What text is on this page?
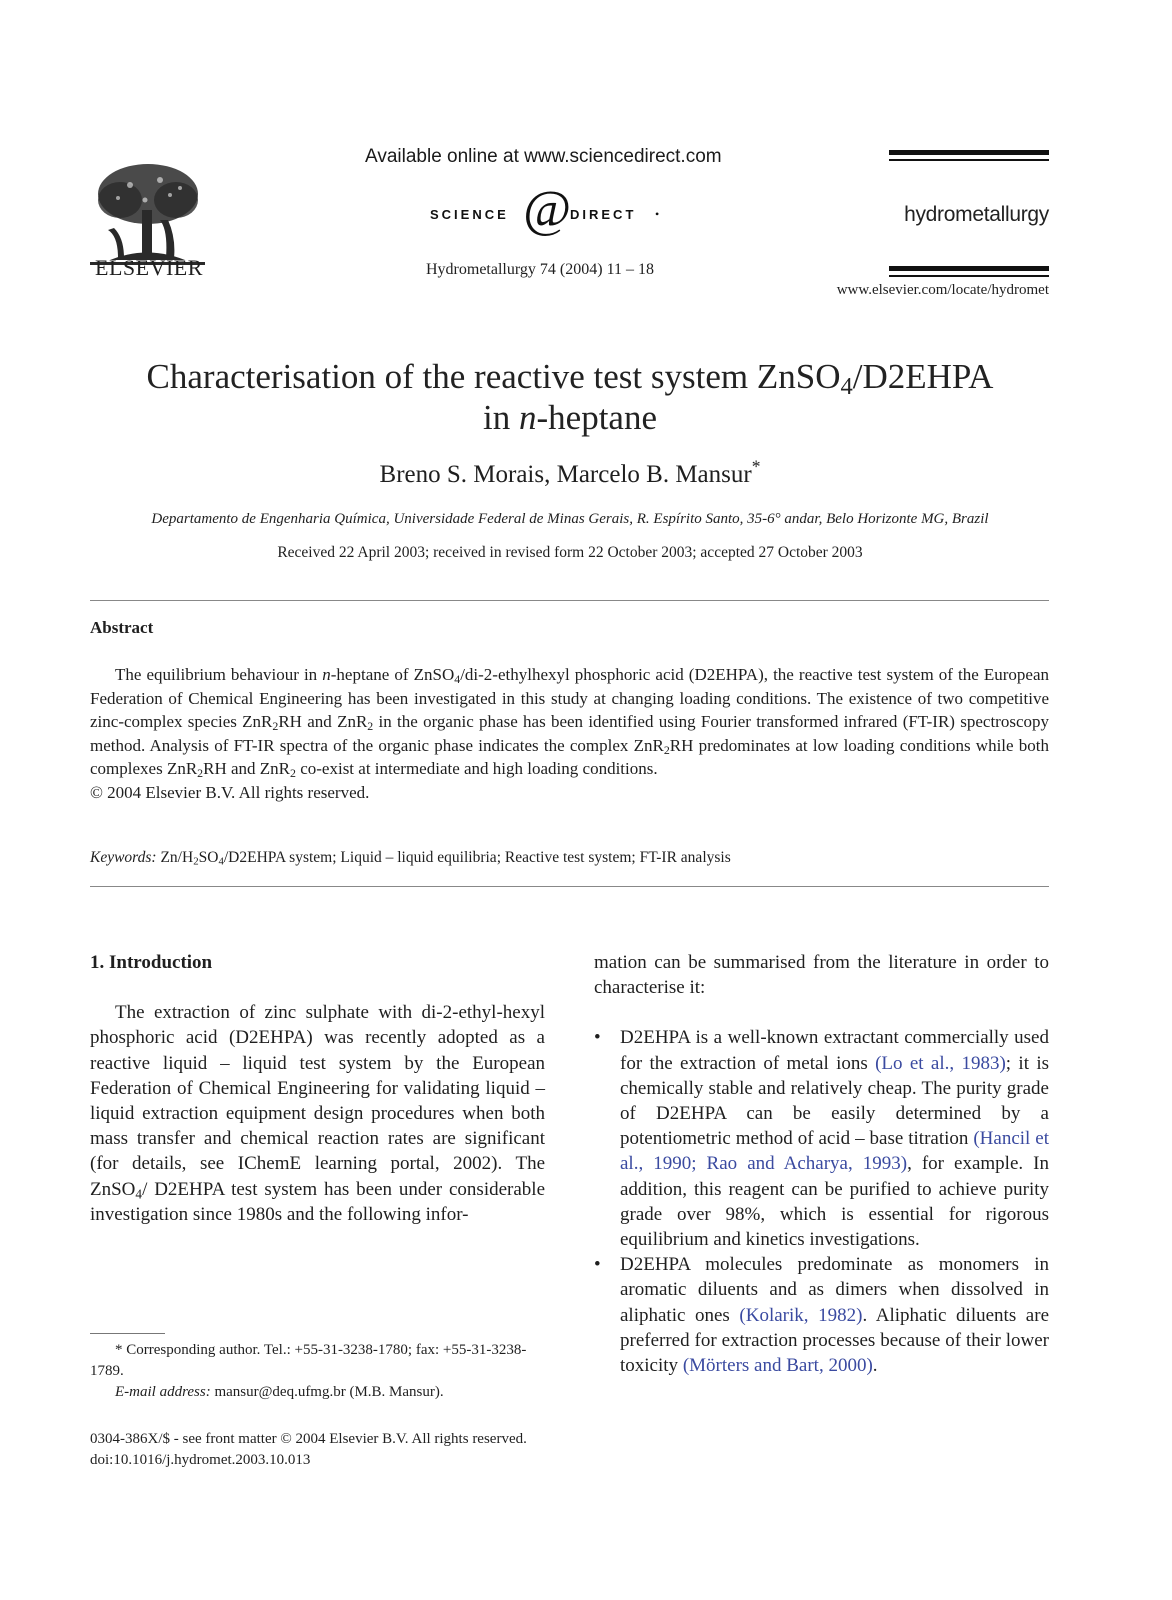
ELSEVIER
Available online at www.sciencedirect.com
SCIENCE @ DIRECT •
Hydrometallurgy 74 (2004) 11 – 18
hydrometallurgy
www.elsevier.com/locate/hydromet
Characterisation of the reactive test system ZnSO$_4$/D2EHPA
in n-heptane
Breno S. Morais, Marcelo B. Mansur*
Departamento de Engenharia Química, Universidade Federal de Minas Gerais, R. Espírito Santo, 35-6° andar, Belo Horizonte MG, Brazil
Received 22 April 2003; received in revised form 22 October 2003; accepted 27 October 2003
Abstract

The equilibrium behaviour in n-heptane of ZnSO$_4$/di-2-ethylhexyl phosphoric acid (D2EHPA), the reactive test system of the European Federation of Chemical Engineering has been investigated in this study at changing loading conditions. The existence of two competitive zinc-complex species ZnR$_2$RH and ZnR$_2$ in the organic phase has been identified using Fourier transformed infrared (FT-IR) spectroscopy method. Analysis of FT-IR spectra of the organic phase indicates the complex ZnR$_2$RH predominates at low loading conditions while both complexes ZnR$_2$RH and ZnR$_2$ co-exist at intermediate and high loading conditions.

© 2004 Elsevier B.V. All rights reserved.
Keywords: $Zn/H_2SO_4/D2EHPA$ system; Liquid – liquid equilibria; Reactive test system; FT-IR analysis
1. Introduction

The extraction of zinc sulphate with di-2-ethyl-hexyl phosphoric acid (D2EHPA) was recently adopted as a reactive liquid – liquid test system by the European Federation of Chemical Engineering for validating liquid – liquid extraction equipment design procedures when both mass transfer and chemical reaction rates are significant (for details, see IChemE learning portal, 2002). The ZnSO$_4$/ D2EHPA test system has been under considerable investigation since 1980s and the following infor-

mation can be summarised from the literature in order to characterise it:

• D2EHPA is a well-known extractant commercially used for the extraction of metal ions (Lo et al., 1983); it is chemically stable and relatively cheap. The purity grade of D2EHPA can be easily determined by a potentiometric method of acid – base titration (Hancil et al., 1990; Rao and Acharya, 1993), for example. In addition, this reagent can be purified to achieve purity grade over 98%, which is essential for rigorous equilibrium and kinetics investigations.
• D2EHPA molecules predominate as monomers in aromatic diluents and as dimers when dissolved in aliphatic ones (Kolarik, 1982). Aliphatic diluents are preferred for extraction processes because of their lower toxicity (Mörters and Bart, 2000).

* Corresponding author. Tel.: +55-31-3238-1780; fax: +55-31-3238-1789.

E-mail address: mansur@deq.ufmg.br (M.B. Mansur).

0304-386X/$ - see front matter © 2004 Elsevier B.V. All rights reserved.
doi:10.1016/j.hydromet.2003.10.013
